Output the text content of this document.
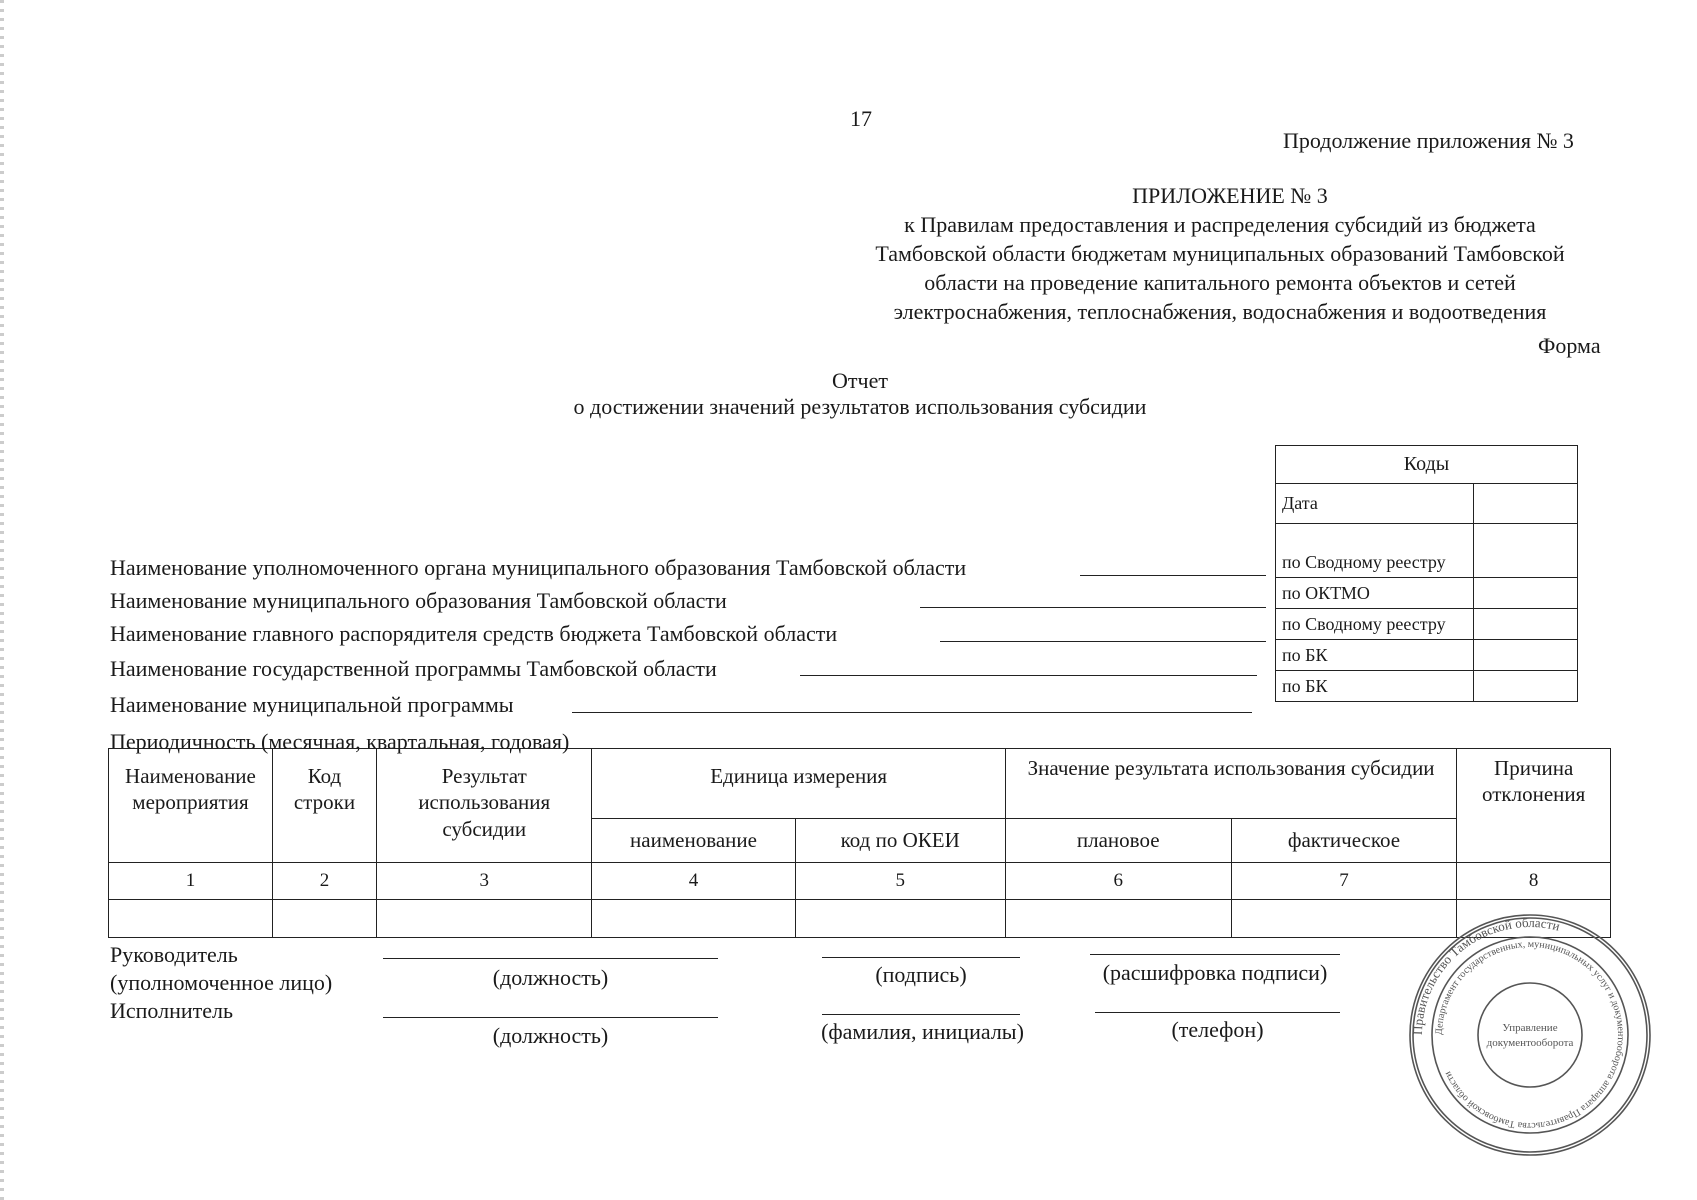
17
Продолжение приложения № 3
ПРИЛОЖЕНИЕ № 3
к Правилам предоставления и распределения субсидий из бюджета
Тамбовской области бюджетам муниципальных образований Тамбовской
области на проведение капитального ремонта объектов и сетей
электроснабжения, теплоснабжения, водоснабжения и водоотведения
Форма
Отчет
о достижении значений результатов использования субсидии
Коды	
Дата	
по Сводному реестру	
по ОКТМО	
по Сводному реестру	
по БК	
по БК	
Наименование уполномоченного органа муниципального образования Тамбовской области
Наименование муниципального образования Тамбовской области
Наименование главного распорядителя средств бюджета Тамбовской области
Наименование государственной программы Тамбовской области
Наименование муниципальной программы
Периодичность (месячная, квартальная, годовая)
Наименование мероприятия	Код строки	Результат использования субсидии	Единица измерения		Значение результата использования субсидии		Причина отклонения
			наименование	код по ОКЕИ	плановое	фактическое	
1	2	3	4	5	6	7	8

Руководитель
(уполномоченное лицо)
Исполнитель
(должность)	(подпись)	(расшифровка подписи)
(должность)	(фамилия, инициалы)	(телефон)	Правительство Тамбовской области
Департамент государственных, муниципальных услуг и документооборота аппарата Правительства Тамбовской области
Управление
документооборота
